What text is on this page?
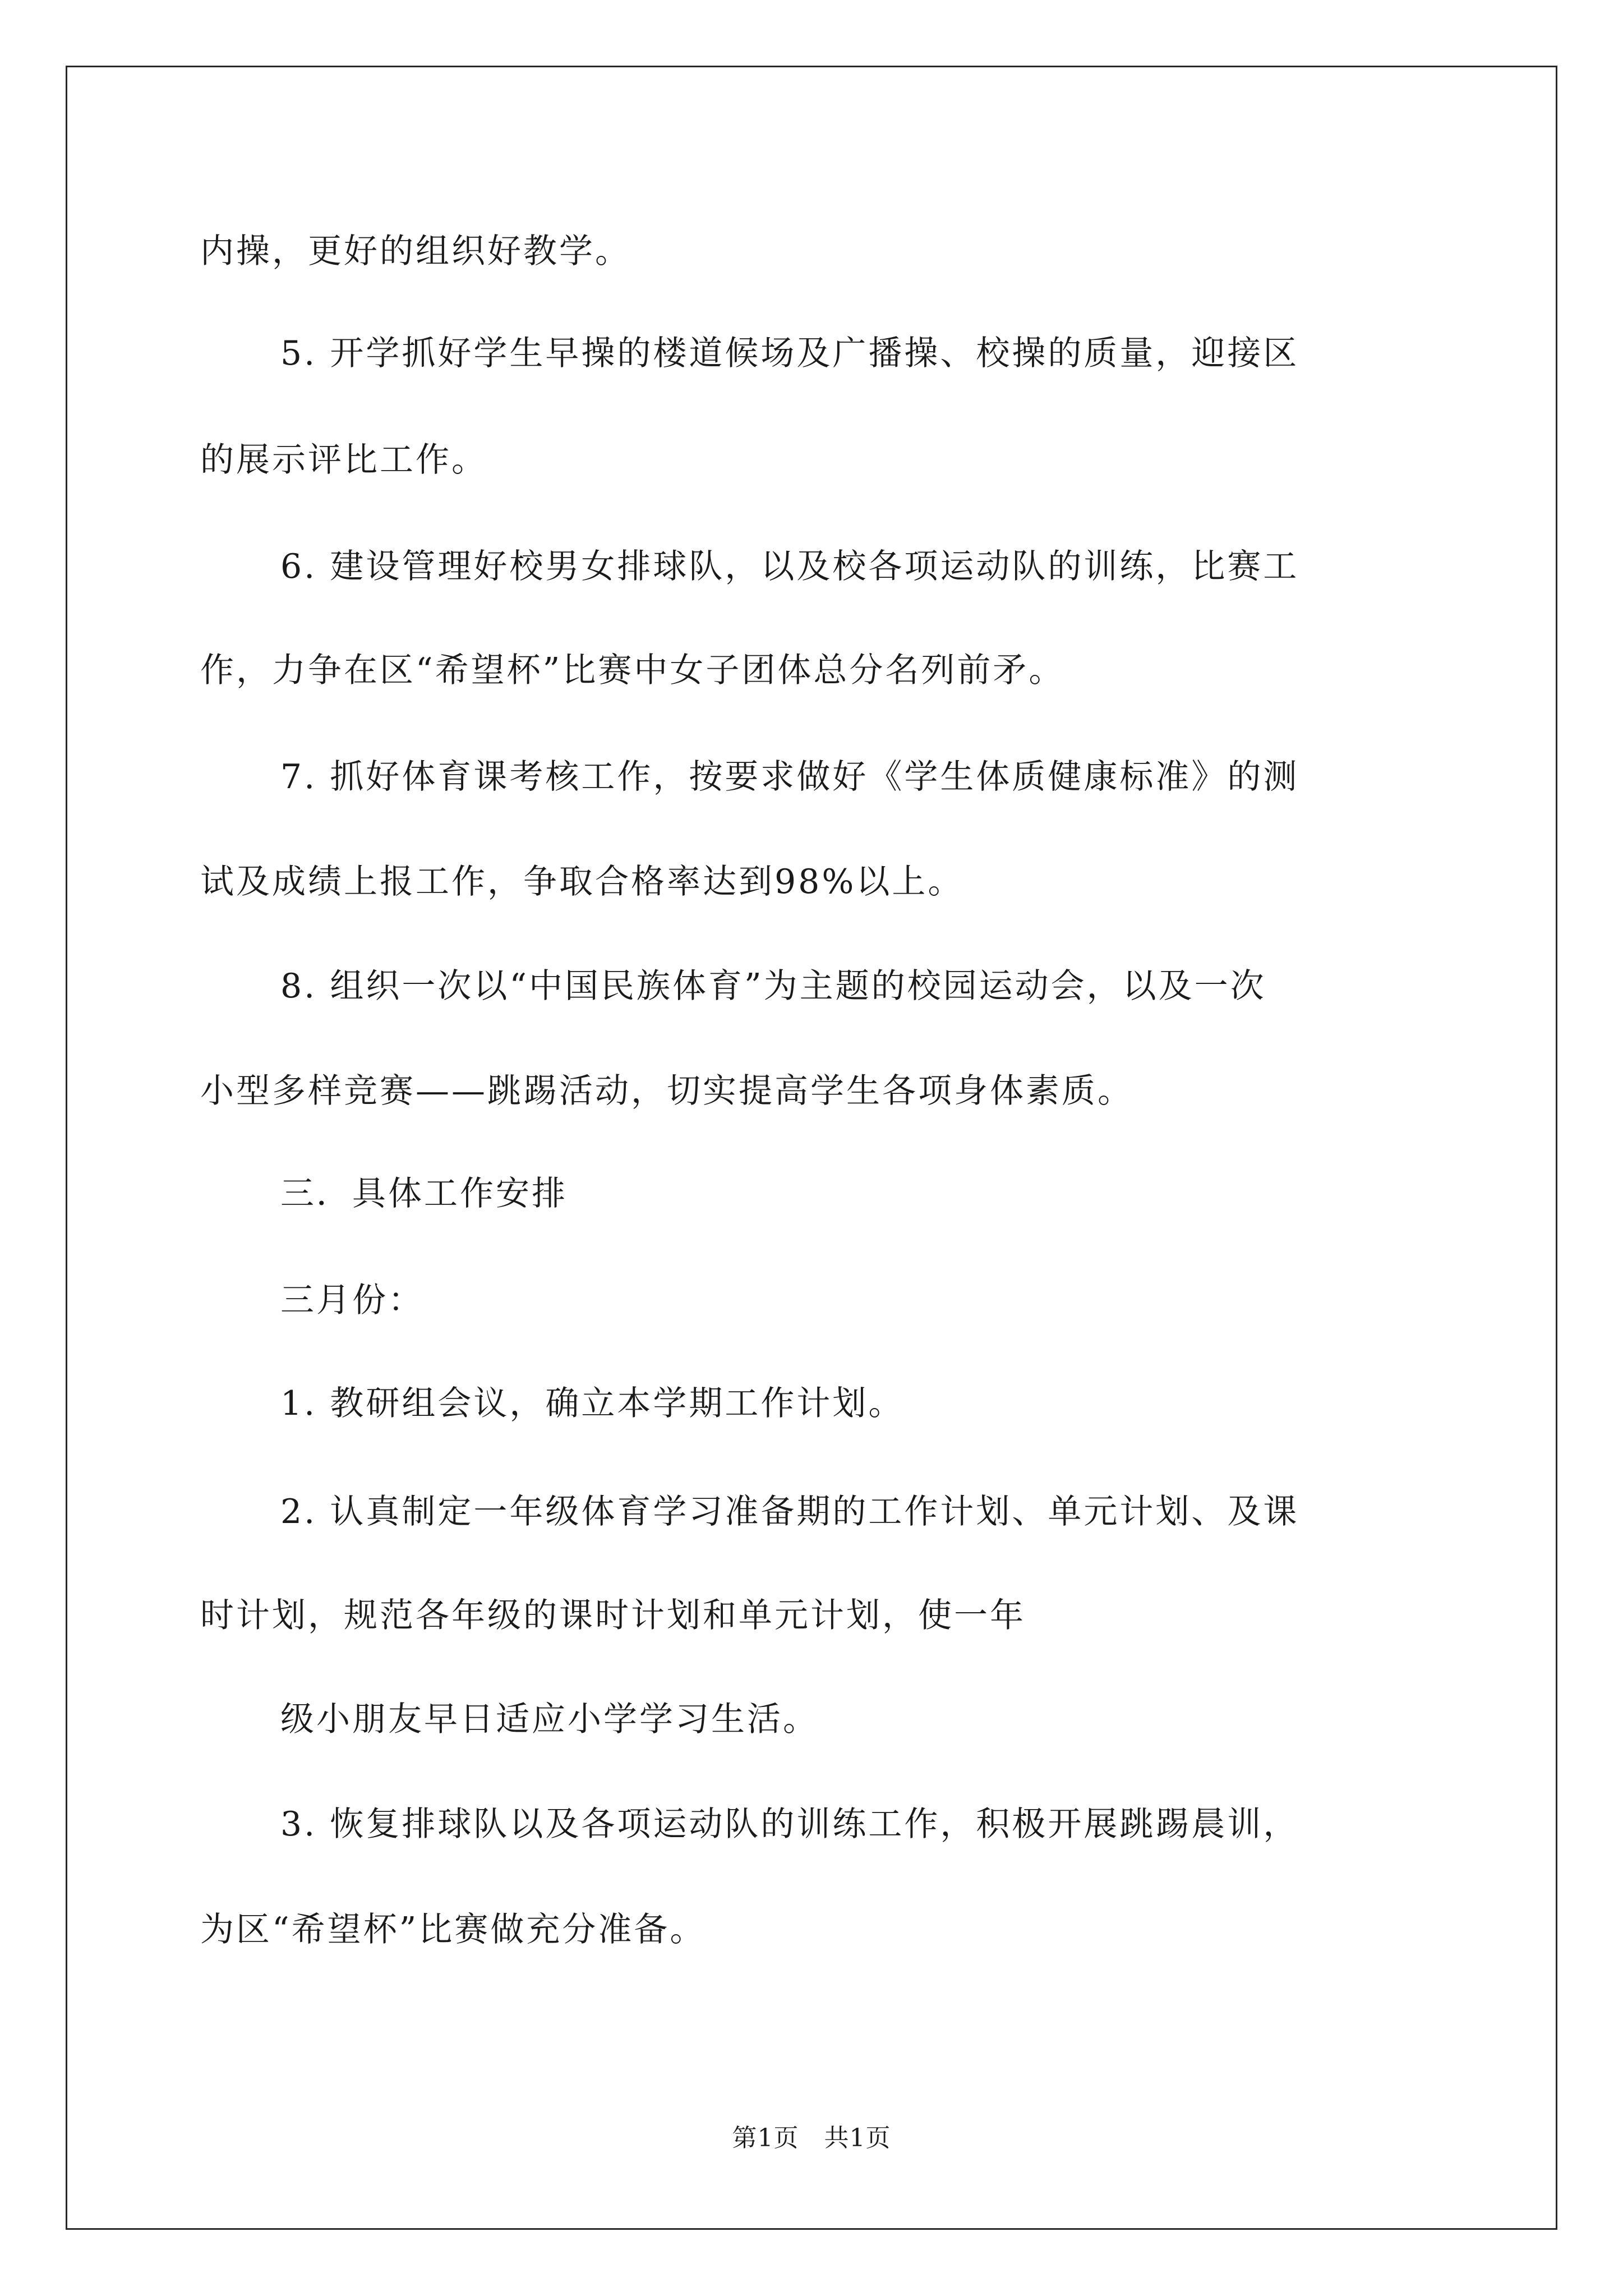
内操，更好的组织好教学。
5. 开学抓好学生早操的楼道候场及广播操、校操的质量，迎接区
的展示评比工作。
6. 建设管理好校男女排球队，以及校各项运动队的训练，比赛工
作，力争在区“希望杯”比赛中女子团体总分名列前矛。
7. 抓好体育课考核工作，按要求做好《学生体质健康标准》的测
试及成绩上报工作，争取合格率达到98%以上。
8. 组织一次以“中国民族体育”为主题的校园运动会，以及一次
小型多样竞赛——跳踢活动，切实提高学生各项身体素质。
三．具体工作安排
三月份：
1. 教研组会议，确立本学期工作计划。
2. 认真制定一年级体育学习准备期的工作计划、单元计划、及课
时计划，规范各年级的课时计划和单元计划，使一年
级小朋友早日适应小学学习生活。
3. 恢复排球队以及各项运动队的训练工作，积极开展跳踢晨训，
为区“希望杯”比赛做充分准备。
第1页   共1页
